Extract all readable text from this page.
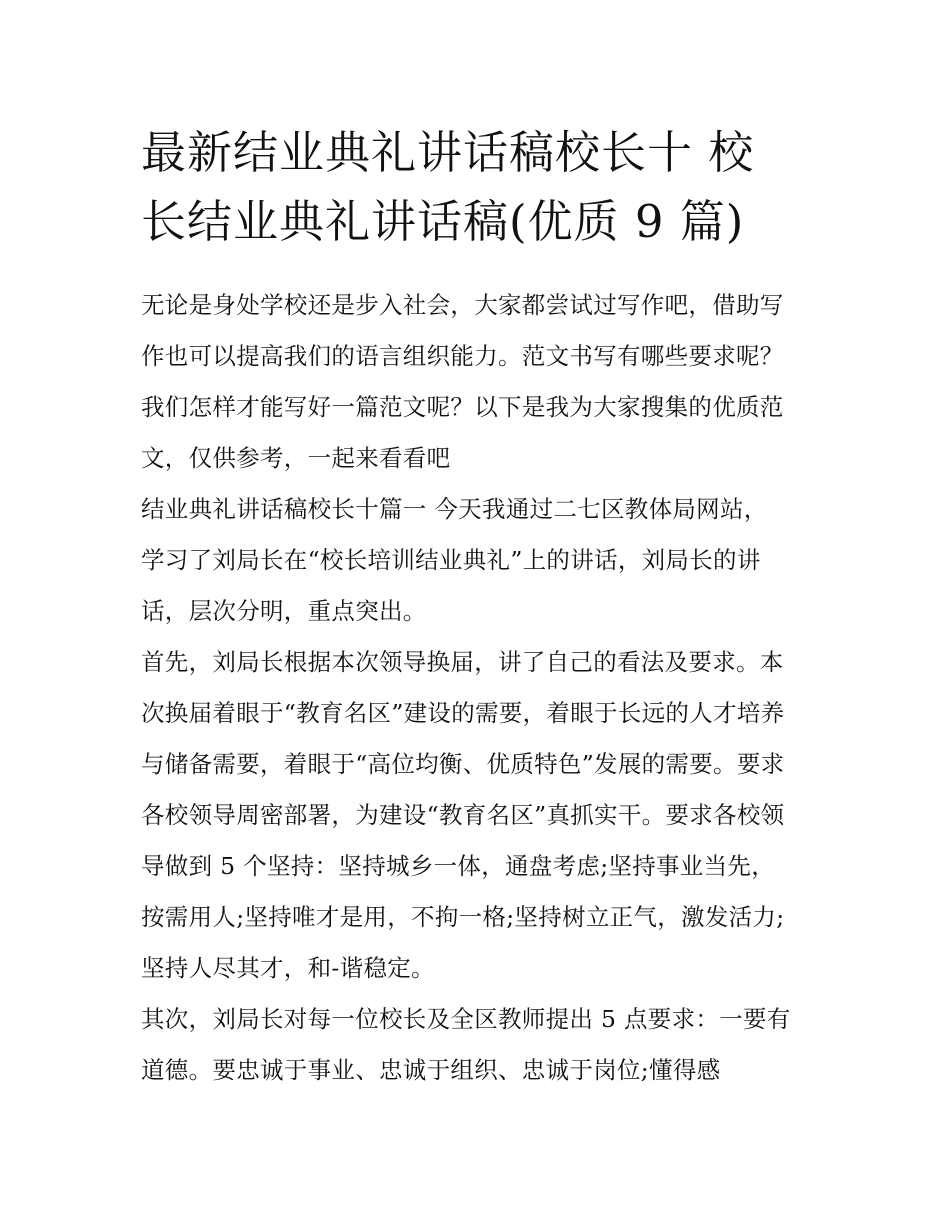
最新结业典礼讲话稿校长十 校
长结业典礼讲话稿(优质 9 篇)

无论是身处学校还是步入社会，大家都尝试过写作吧，借助写
作也可以提高我们的语言组织能力。范文书写有哪些要求呢？
我们怎样才能写好一篇范文呢？以下是我为大家搜集的优质范
文，仅供参考，一起来看看吧

结业典礼讲话稿校长十篇一 今天我通过二七区教体局网站，
学习了刘局长在“校长培训结业典礼”上的讲话，刘局长的讲
话，层次分明，重点突出。

首先，刘局长根据本次领导换届，讲了自己的看法及要求。本
次换届着眼于“教育名区”建设的需要，着眼于长远的人才培养
与储备需要，着眼于“高位均衡、优质特色”发展的需要。要求
各校领导周密部署，为建设“教育名区”真抓实干。要求各校领
导做到 5 个坚持：坚持城乡一体，通盘考虑;坚持事业当先，
按需用人;坚持唯才是用，不拘一格;坚持树立正气，激发活力;
坚持人尽其才，和-谐稳定。

其次，刘局长对每一位校长及全区教师提出 5 点要求：一要有
道德。要忠诚于事业、忠诚于组织、忠诚于岗位;懂得感
